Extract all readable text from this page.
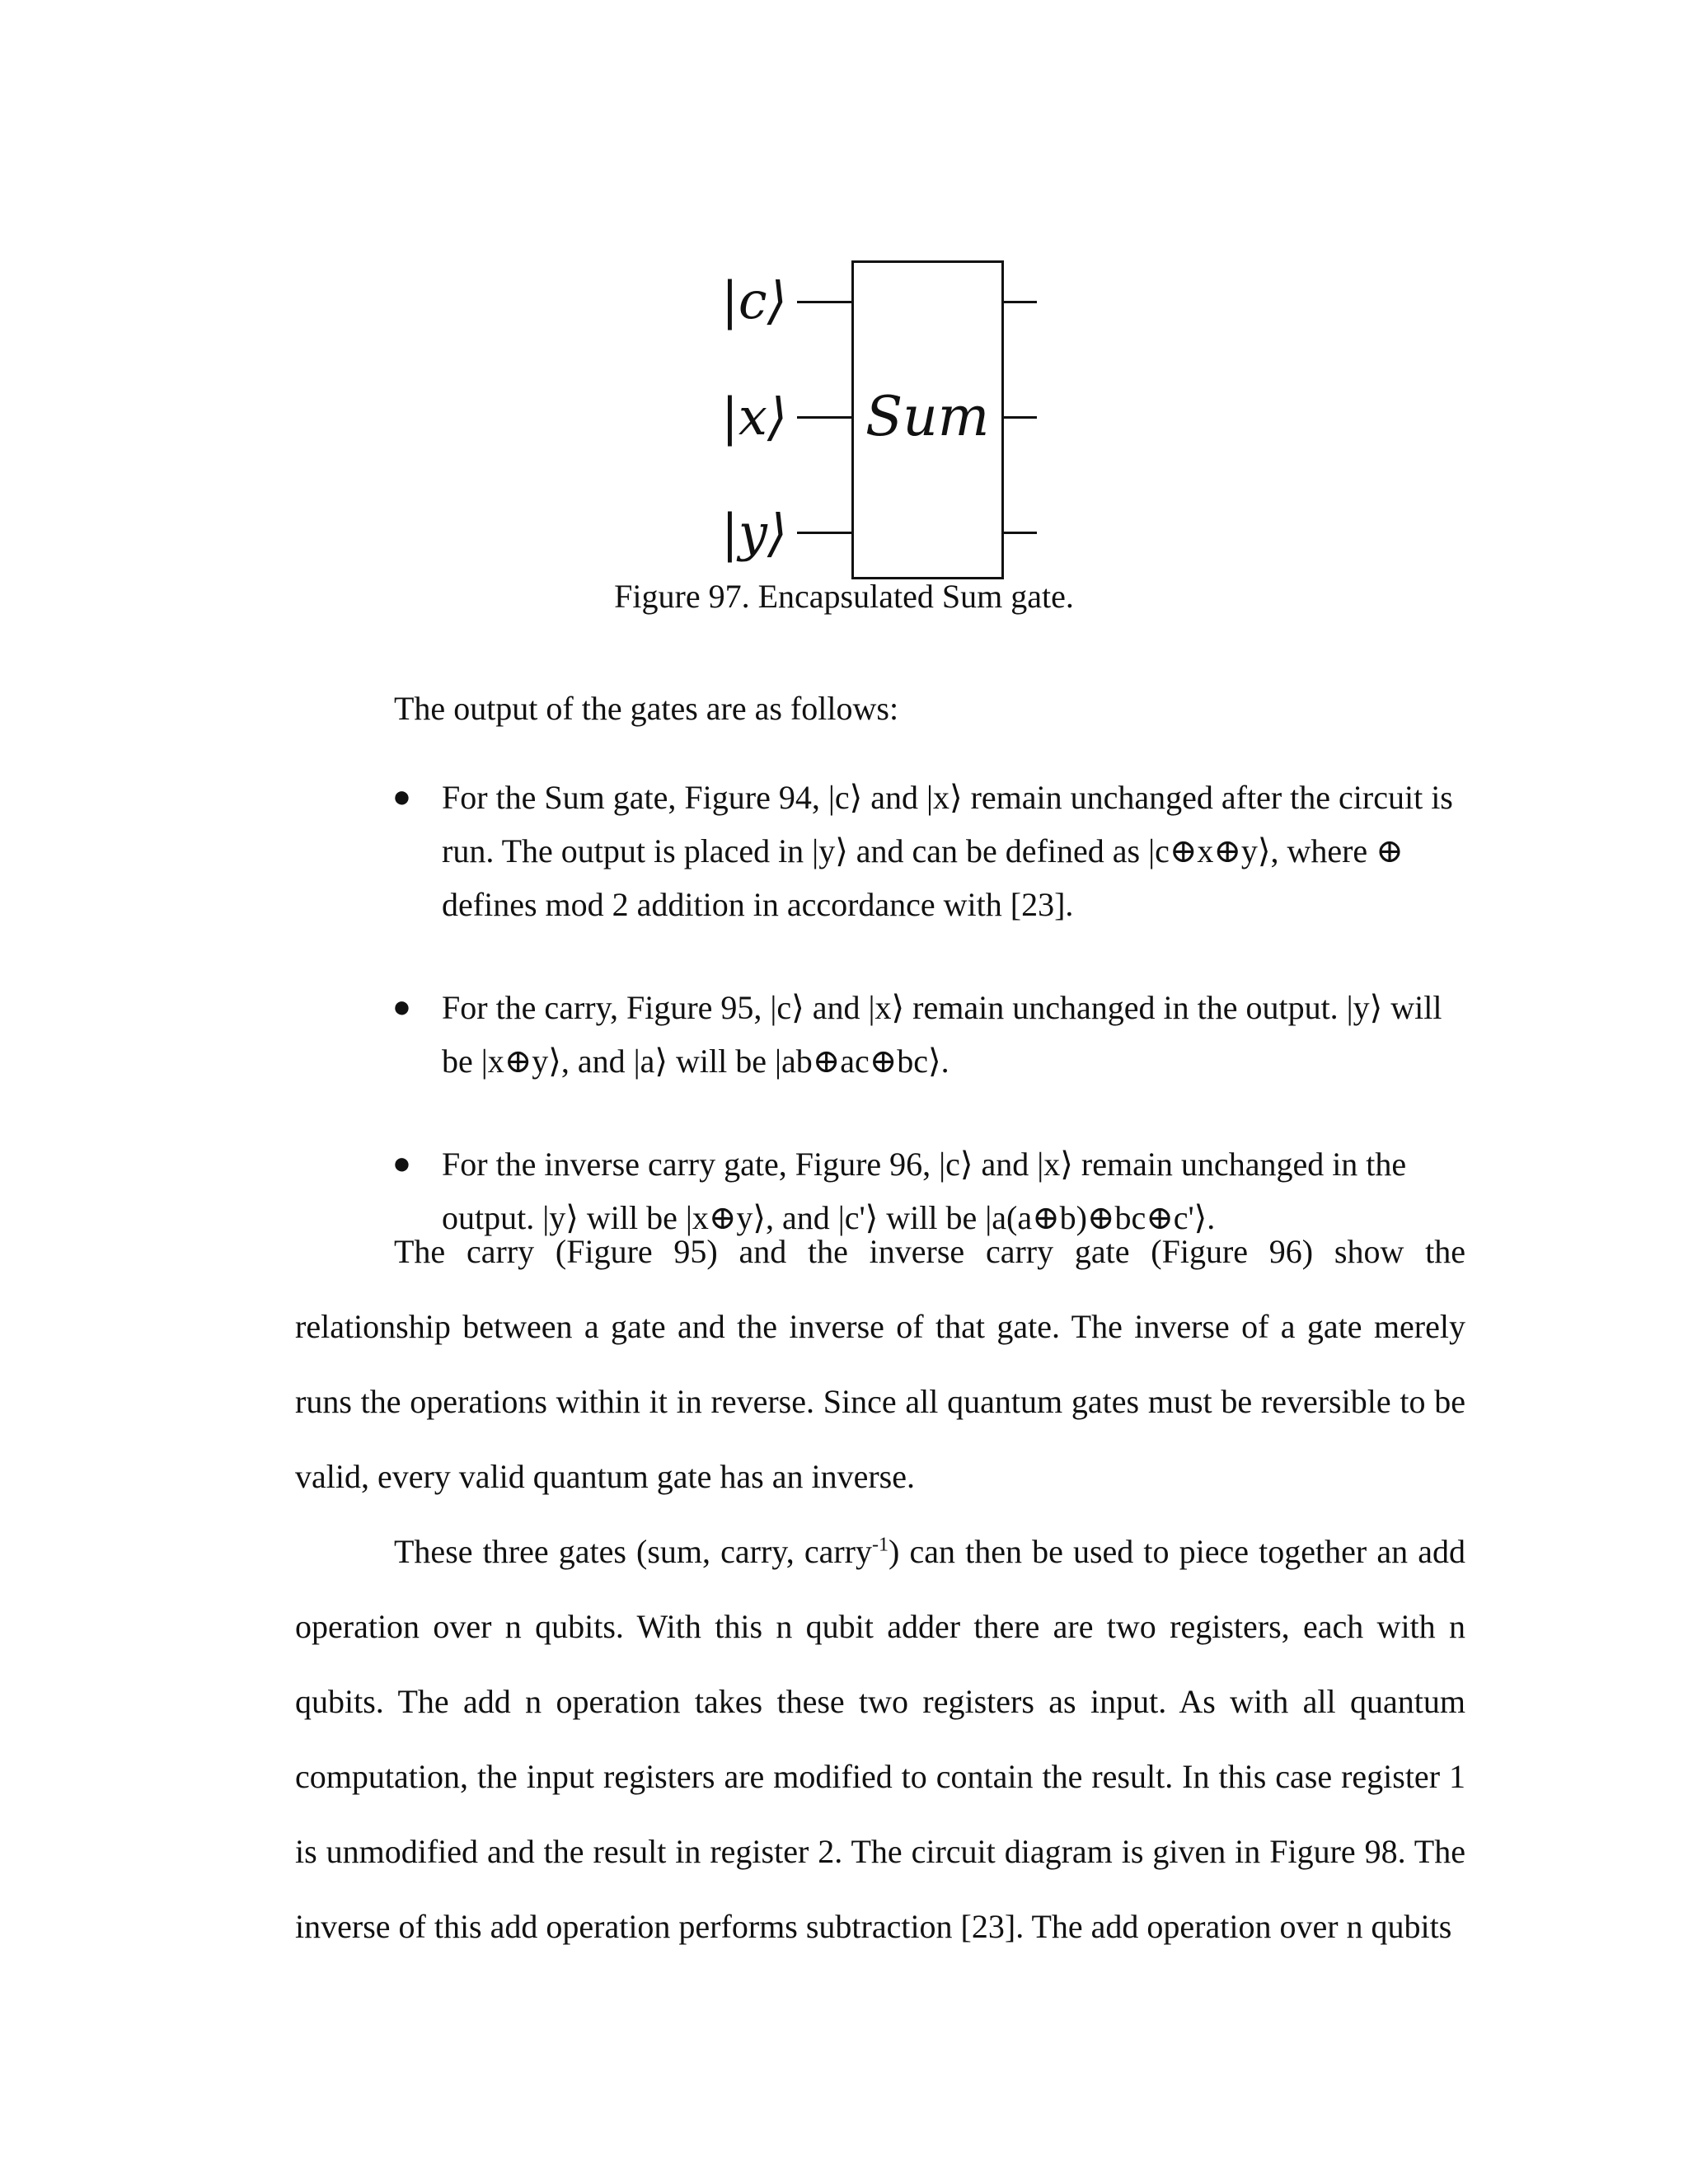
|c⟩
|x⟩
|y⟩
Sum
Figure 97. Encapsulated Sum gate.
The output of the gates are as follows:
● For the Sum gate, Figure 94, |c⟩ and |x⟩ remain unchanged after the circuit is
run. The output is placed in |y⟩ and can be defined as |c⊕x⊕y⟩, where ⊕
defines mod 2 addition in accordance with [23].
● For the carry, Figure 95, |c⟩ and |x⟩ remain unchanged in the output. |y⟩ will
be |x⊕y⟩, and |a⟩ will be |ab⊕ac⊕bc⟩.
● For the inverse carry gate, Figure 96, |c⟩ and |x⟩ remain unchanged in the
output. |y⟩ will be |x⊕y⟩, and |c'⟩ will be |a(a⊕b)⊕bc⊕c'⟩.
The carry (Figure 95) and the inverse carry gate (Figure 96) show the relationship between a gate and the inverse of that gate. The inverse of a gate merely runs the operations within it in reverse. Since all quantum gates must be reversible to be valid, every valid quantum gate has an inverse.
These three gates (sum, carry, carry$^{-1}$) can then be used to piece together an add operation over n qubits. With this n qubit adder there are two registers, each with n qubits. The add n operation takes these two registers as input. As with all quantum computation, the input registers are modified to contain the result. In this case register 1 is unmodified and the result in register 2. The circuit diagram is given in Figure 98. The inverse of this add operation performs subtraction [23]. The add operation over n qubits
